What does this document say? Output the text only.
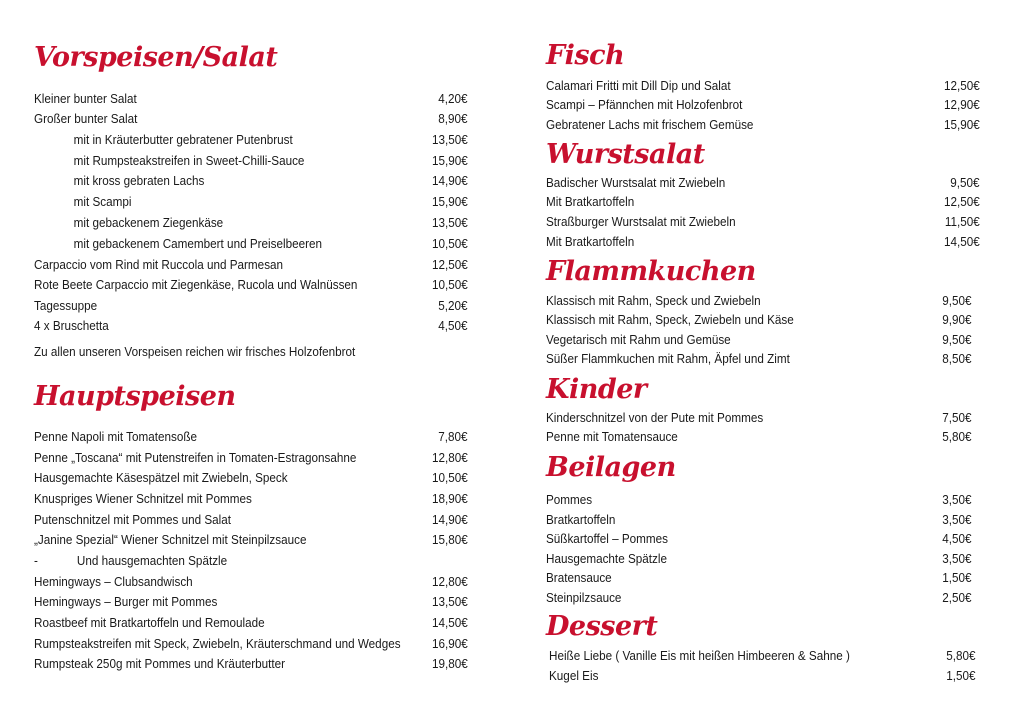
Vorspeisen/Salat
Kleiner bunter Salat	4,20€
Großer bunter Salat	8,90€
mit in Kräuterbutter gebratener Putenbrust	13,50€
mit Rumpsteakstreifen in Sweet-Chilli-Sauce	15,90€
mit kross gebraten Lachs	14,90€
mit Scampi	15,90€
mit gebackenem Ziegenkäse	13,50€
mit gebackenem Camembert und Preiselbeeren	10,50€
Carpaccio vom Rind mit Ruccola und Parmesan	12,50€
Rote Beete Carpaccio mit Ziegenkäse, Rucola und Walnüssen	10,50€
Tagessuppe	5,20€
4 x Bruschetta	4,50€
Zu allen unseren Vorspeisen reichen wir frisches Holzofenbrot
Hauptspeisen
Penne Napoli mit Tomatensoße	7,80€
Penne „Toscana“ mit Putenstreifen in Tomaten-Estragonsahne	12,80€
Hausgemachte Käsespätzel mit Zwiebeln, Speck	10,50€
Knuspriges Wiener Schnitzel mit Pommes	18,90€
Putenschnitzel mit Pommes und Salat	14,90€
„Janine Spezial“ Wiener Schnitzel mit Steinpilzsauce	15,80€
-            Und hausgemachten Spätzle
Hemingways – Clubsandwisch	12,80€
Hemingways – Burger mit Pommes	13,50€
Roastbeef mit Bratkartoffeln und Remoulade	14,50€
Rumpsteakstreifen mit Speck, Zwiebeln, Kräuterschmand und Wedges 16,90€
Rumpsteak 250g mit Pommes und Kräuterbutter	19,80€
Fisch
Calamari Fritti mit Dill Dip und Salat	12,50€
Scampi – Pfännchen mit Holzofenbrot	12,90€
Gebratener Lachs mit frischem Gemüse	15,90€
Wurstsalat
Badischer Wurstsalat mit Zwiebeln	9,50€
Mit Bratkartoffeln	12,50€
Straßburger Wurstsalat mit Zwiebeln	11,50€
Mit Bratkartoffeln	14,50€
Flammkuchen
Klassisch mit Rahm, Speck und Zwiebeln	9,50€
Klassisch mit Rahm, Speck, Zwiebeln und Käse	9,90€
Vegetarisch mit Rahm und Gemüse	9,50€
Süßer Flammkuchen mit Rahm, Äpfel und Zimt	8,50€
Kinder
Kinderschnitzel von der Pute mit Pommes	7,50€
Penne mit Tomatensauce	5,80€
Beilagen
Pommes	3,50€
Bratkartoffeln	3,50€
Süßkartoffel – Pommes	4,50€
Hausgemachte Spätzle	3,50€
Bratensauce	1,50€
Steinpilzsauce	2,50€
Dessert
Heiße Liebe ( Vanille Eis mit heißen Himbeeren & Sahne )	5,80€
Kugel Eis	1,50€
